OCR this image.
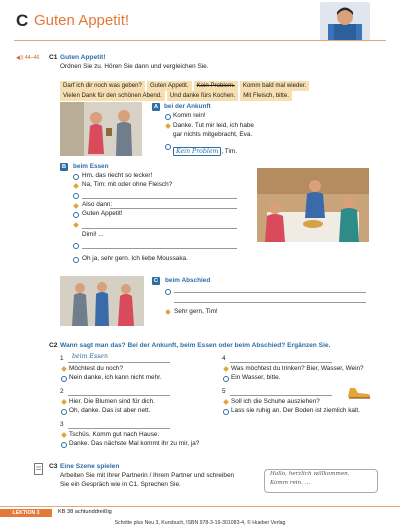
C Guten Appetit!
◀)) 44–46 C1 Guten Appetit!
Ordnen Sie zu. Hören Sie dann und vergleichen Sie.
Darf ich dir noch was geben? Guten Appetit. Kein Problem. Komm bald mal wieder.
Vielen Dank für den schönen Abend. Und danke fürs Kochen. Mit Fleisch, bitte.
A bei der Ankunft
Komm rein!
Danke. Tut mir leid, ich habe
gar nichts mitgebracht, Eva.
Kein Problem , Tim.
B beim Essen
Hm, das riecht so lecker!
Na, Tim: mit oder ohne Fleisch?
Also dann:
Guten Appetit!
Dimi! ...
Oh ja, sehr gern. Ich liebe Moussaka.
C beim Abschied
Sehr gern, Tim!
C2 Wann sagt man das? Bei der Ankunft, beim Essen oder beim Abschied? Ergänzen Sie.
1 beim Essen
Möchtest du noch?
Nein danke, ich kann nicht mehr.
2
Hier. Die Blumen sind für dich.
Oh, danke. Das ist aber nett.
3
Tschüs. Komm gut nach Hause.
Danke. Das nächste Mal kommt ihr zu mir, ja?
4
Was möchtest du trinken? Bier, Wasser, Wein?
Ein Wasser, bitte.
5
Soll ich die Schuhe ausziehen?
Lass sie ruhig an. Der Boden ist ziemlich kalt.
C3 Eine Szene spielen
Arbeiten Sie mit Ihrer Partnerin / Ihrem Partner und schreiben
Sie ein Gespräch wie in C1. Sprechen Sie.
Hallo, herzlich willkommen.
Komm rein. ...
LEKTION 3	KB 38 achtunddreißig
Schritte plus Neu 3, Kursbuch, ISBN 978-3-19-301083-4, © Hueber Verlag
